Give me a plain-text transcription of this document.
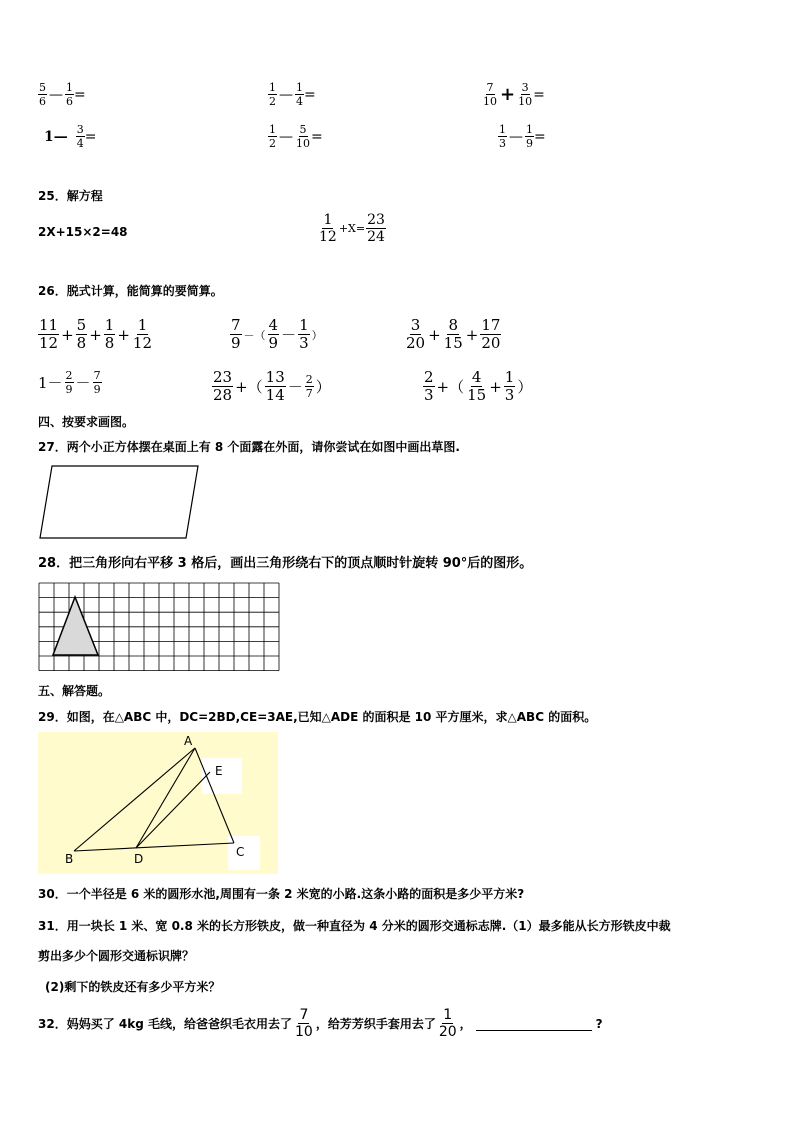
$\frac{5}{6}$ — $\frac{1}{6}$ =	$\frac{1}{2}$ — $\frac{1}{4}$ =	$\frac{7}{10} + \frac{3}{10}$ =
1— $\frac{3}{4}$ =	$\frac{1}{2}$ — $\frac{5}{10}$ =	$\frac{1}{3}$ — $\frac{1}{9}$ =
25．解方程
2X+15×2=48	$\frac{1}{12} +X= \frac{23}{24}$
26．脱式计算，能简算的要简算。
$\frac{11}{12} + \frac{5}{8} + \frac{1}{8} + \frac{1}{12}$	$\frac{7}{9}$ －（ $\frac{4}{9} - \frac{1}{3}$ ）	$\frac{3}{20} + \frac{8}{15} + \frac{17}{20}$
$1- \frac{2}{9} - \frac{7}{9}$	$\frac{23}{28}$ +（ $\frac{13}{14} - \frac{2}{7}$ ）	$\frac{2}{3}$ +（ $\frac{4}{15} + \frac{1}{3}$ ）
四、按要求画图。
27．两个小正方体摆在桌面上有 8 个面露在外面，请你尝试在如图中画出草图.
28．把三角形向右平移 3 格后，画出三角形绕右下的顶点顺时针旋转 90°后的图形。
五、解答题。
29．如图，在△ABC 中，DC=2BD,CE=3AE,已知△ADE 的面积是 10 平方厘米，求△ABC 的面积。
A
E
B	D	C
30．一个半径是 6 米的圆形水池,周围有一条 2 米宽的小路.这条小路的面积是多少平方米?
31．用一块长 1 米、宽 0.8 米的长方形铁皮，做一种直径为 4 分米的圆形交通标志牌.（1）最多能从长方形铁皮中裁
剪出多少个圆形交通标识牌？
(2)剩下的铁皮还有多少平方米？
32．妈妈买了 4kg 毛线，给爸爸织毛衣用去了 $\frac{7}{10}$ ，给芳芳织手套用去了 $\frac{1}{20}$ ，	?
